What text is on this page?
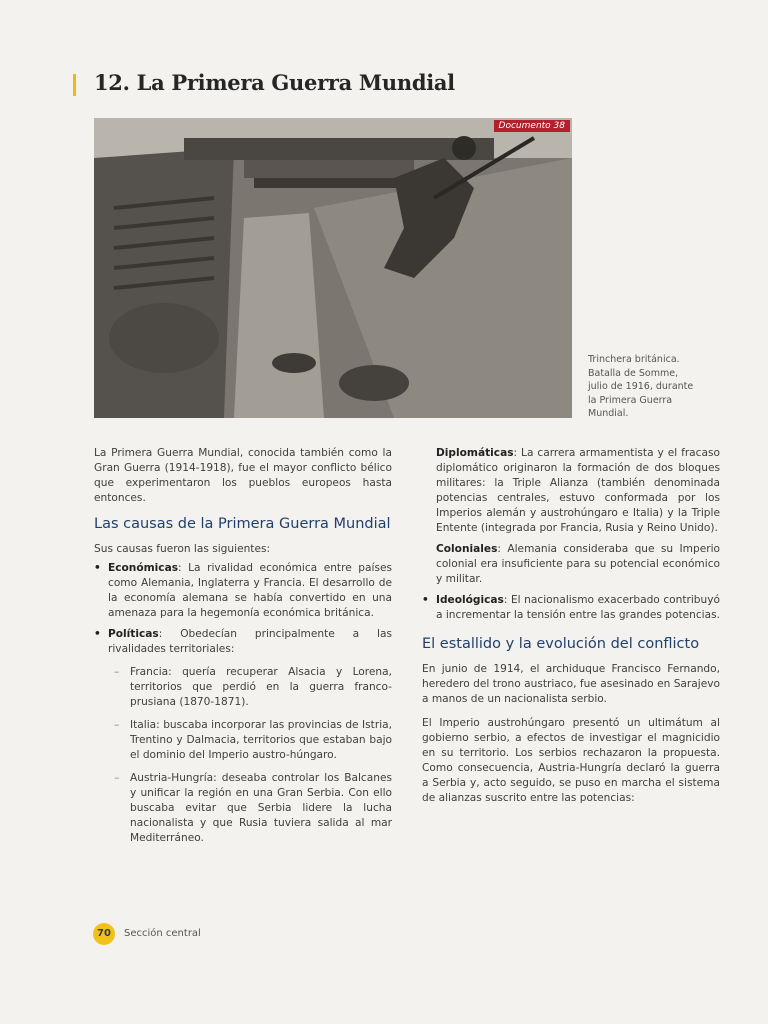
12. La Primera Guerra Mundial
Documento 38
Trinchera británica.
Batalla de Somme,
julio de 1916, durante
la Primera Guerra
Mundial.

La Primera Guerra Mundial, conocida también como la Gran Guerra (1914-1918), fue el mayor conflicto bélico que experimentaron los pueblos europeos hasta entonces.

Las causas de la Primera Guerra Mundial

Sus causas fueron las siguientes:

• Económicas: La rivalidad económica entre países como Alemania, Inglaterra y Francia. El desarrollo de la economía alemana se había convertido en una amenaza para la hegemonía económica británica.
• Políticas: Obedecían principalmente a las rivalidades territoriales:
– Francia: quería recuperar Alsacia y Lorena, territorios que perdió en la guerra franco-prusiana (1870-1871).
– Italia: buscaba incorporar las provincias de Istria, Trentino y Dalmacia, territorios que estaban bajo el dominio del Imperio austro-húngaro.
– Austria-Hungría: deseaba controlar los Balcanes y unificar la región en una Gran Serbia. Con ello buscaba evitar que Serbia lidere la lucha nacionalista y que Rusia tuviera salida al mar Mediterráneo.
Diplomáticas: La carrera armamentista y el fracaso diplomático originaron la formación de dos bloques militares: la Triple Alianza (también denominada potencias centrales, estuvo conformada por los Imperios alemán y austrohúngaro e Italia) y la Triple Entente (integrada por Francia, Rusia y Reino Unido).
Coloniales: Alemania consideraba que su Imperio colonial era insuficiente para su potencial económico y militar.
• Ideológicas: El nacionalismo exacerbado contribuyó a incrementar la tensión entre las grandes potencias.
El estallido y la evolución del conflicto

En junio de 1914, el archiduque Francisco Fernando, heredero del trono austriaco, fue asesinado en Sarajevo a manos de un nacionalista serbio.

El Imperio austrohúngaro presentó un ultimátum al gobierno serbio, a efectos de investigar el magnicidio en su territorio. Los serbios rechazaron la propuesta. Como consecuencia, Austria-Hungría declaró la guerra a Serbia y, acto seguido, se puso en marcha el sistema de alianzas suscrito entre las potencias:

70	Sección central
